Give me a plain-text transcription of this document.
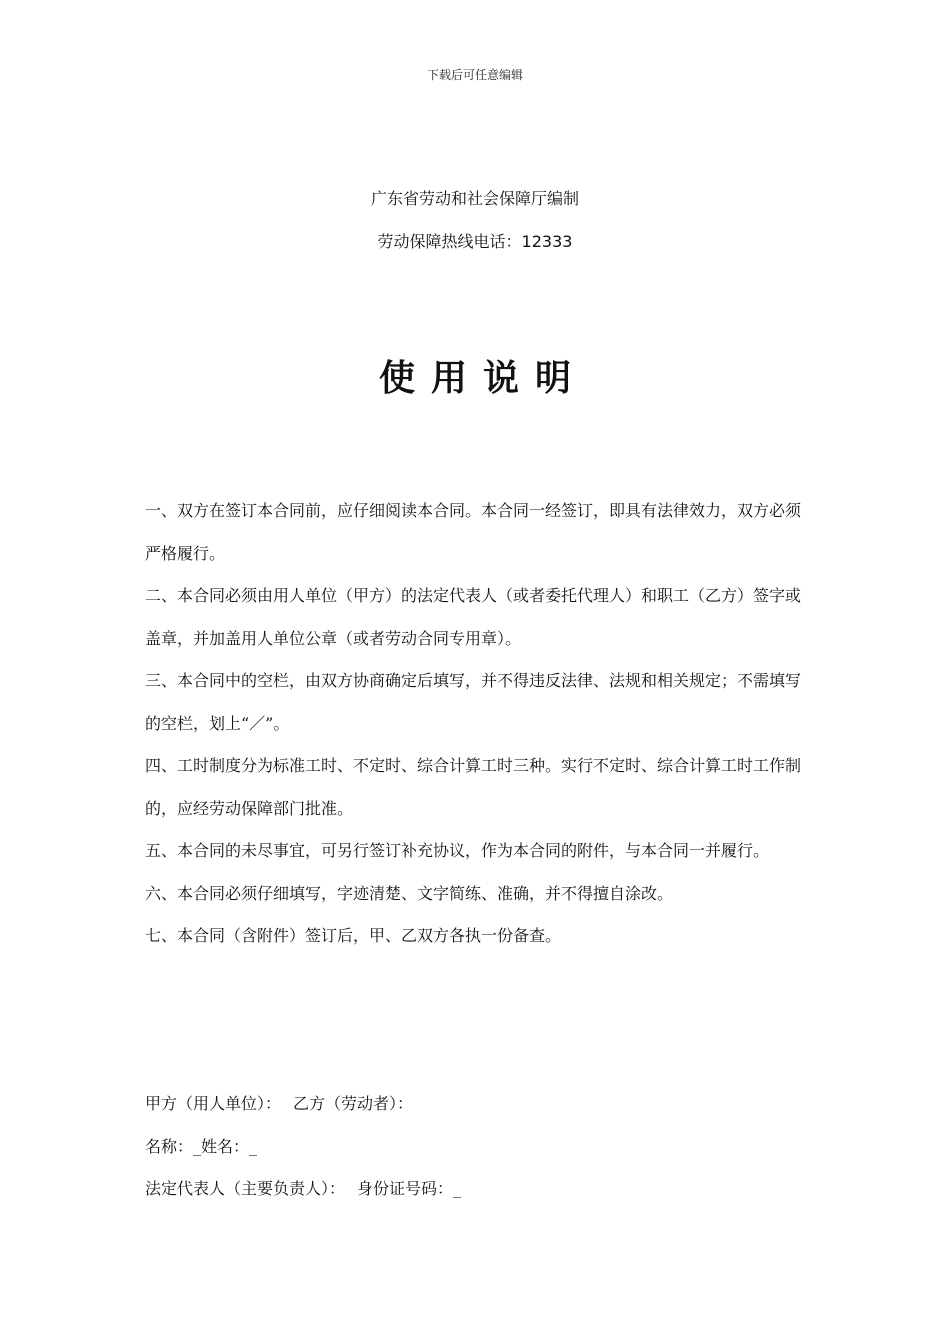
下载后可任意编辑
广东省劳动和社会保障厅编制
劳动保障热线电话：12333
使用说明

一、双方在签订本合同前，应仔细阅读本合同。本合同一经签订，即具有法律效力，双方必须严格履行。

二、本合同必须由用人单位（甲方）的法定代表人（或者委托代理人）和职工（乙方）签字或盖章，并加盖用人单位公章（或者劳动合同专用章）。

三、本合同中的空栏，由双方协商确定后填写，并不得违反法律、法规和相关规定；不需填写的空栏，划上“／”。

四、工时制度分为标准工时、不定时、综合计算工时三种。实行不定时、综合计算工时工作制的，应经劳动保障部门批准。

五、本合同的未尽事宜，可另行签订补充协议，作为本合同的附件，与本合同一并履行。

六、本合同必须仔细填写，字迹清楚、文字简练、准确，并不得擅自涂改。

七、本合同（含附件）签订后，甲、乙双方各执一份备查。

甲方（用人单位）： 乙方（劳动者）：

名称：_姓名：_

法定代表人（主要负责人）： 身份证号码：_
